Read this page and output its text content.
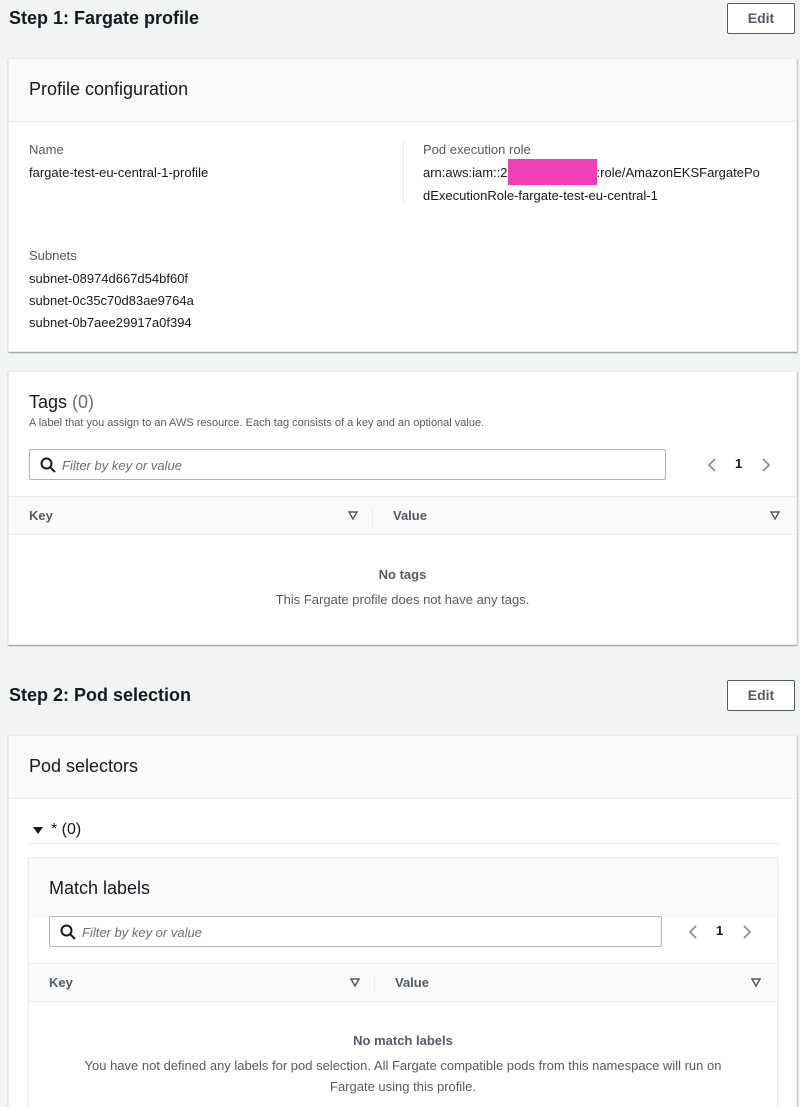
Step 1: Fargate profile	Edit
Profile configuration
Name
fargate-test-eu-central-1-profile
Pod execution role
arn:aws:iam::2	:role/AmazonEKSFargatePo
dExecutionRole-fargate-test-eu-central-1
Subnets
subnet-08974d667d54bf60f
subnet-0c35c70d83ae9764a
subnet-0b7aee29917a0f394
Tags (0)
A label that you assign to an AWS resource. Each tag consists of a key and an optional value.
Filter by key or value
1
Key	Value
No tags
This Fargate profile does not have any tags.
Step 2: Pod selection	Edit
Pod selectors
* (0)
Match labels
Filter by key or value
1
Key	Value
No match labels
You have not defined any labels for pod selection. All Fargate compatible pods from this namespace will run on
Fargate using this profile.
